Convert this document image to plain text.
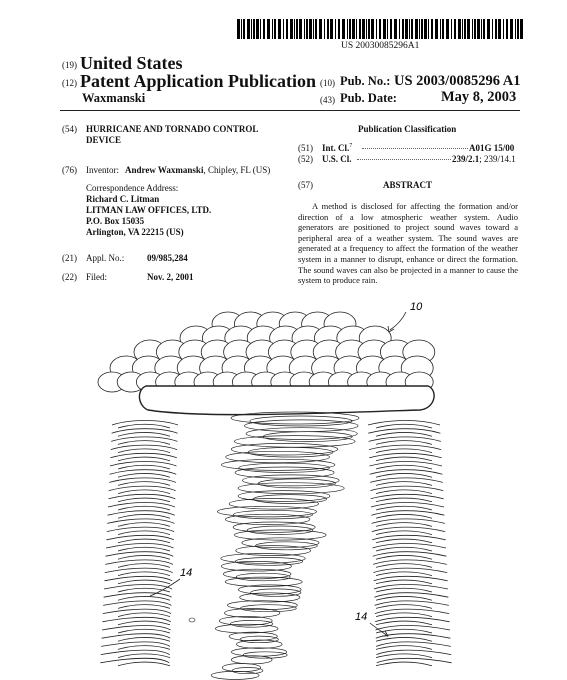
US 20030085296A1
(19) United States
(12) Patent Application Publication
Waxmanski
(10) Pub. No.: US 2003/0085296 A1
(43) Pub. Date:	May 8, 2003
(54) HURRICANE AND TORNADO CONTROL
DEVICE
(76) Inventor: Andrew Waxmanski, Chipley, FL (US)
Correspondence Address:
Richard C. Litman
LITMAN LAW OFFICES, LTD.
P.O. Box 15035
Arlington, VA 22215 (US)
(21) Appl. No.:	09/985,284
(22) Filed:	Nov. 2, 2001
Publication Classification
(51) Int. Cl.$^7$	A01G 15/00
(52) U.S. Cl.	239/2.1; 239/14.1
(57)	ABSTRACT
A method is disclosed for affecting the formation and/or direction of a low atmospheric weather system. Audio generators are positioned to project sound waves toward a peripheral area of a weather system. The sound waves are generated at a frequency to affect the formation of the weather system in a manner to disrupt, enhance or direct the formation. The sound waves can also be projected in a manner to cause the system to produce rain.
10
14
14
